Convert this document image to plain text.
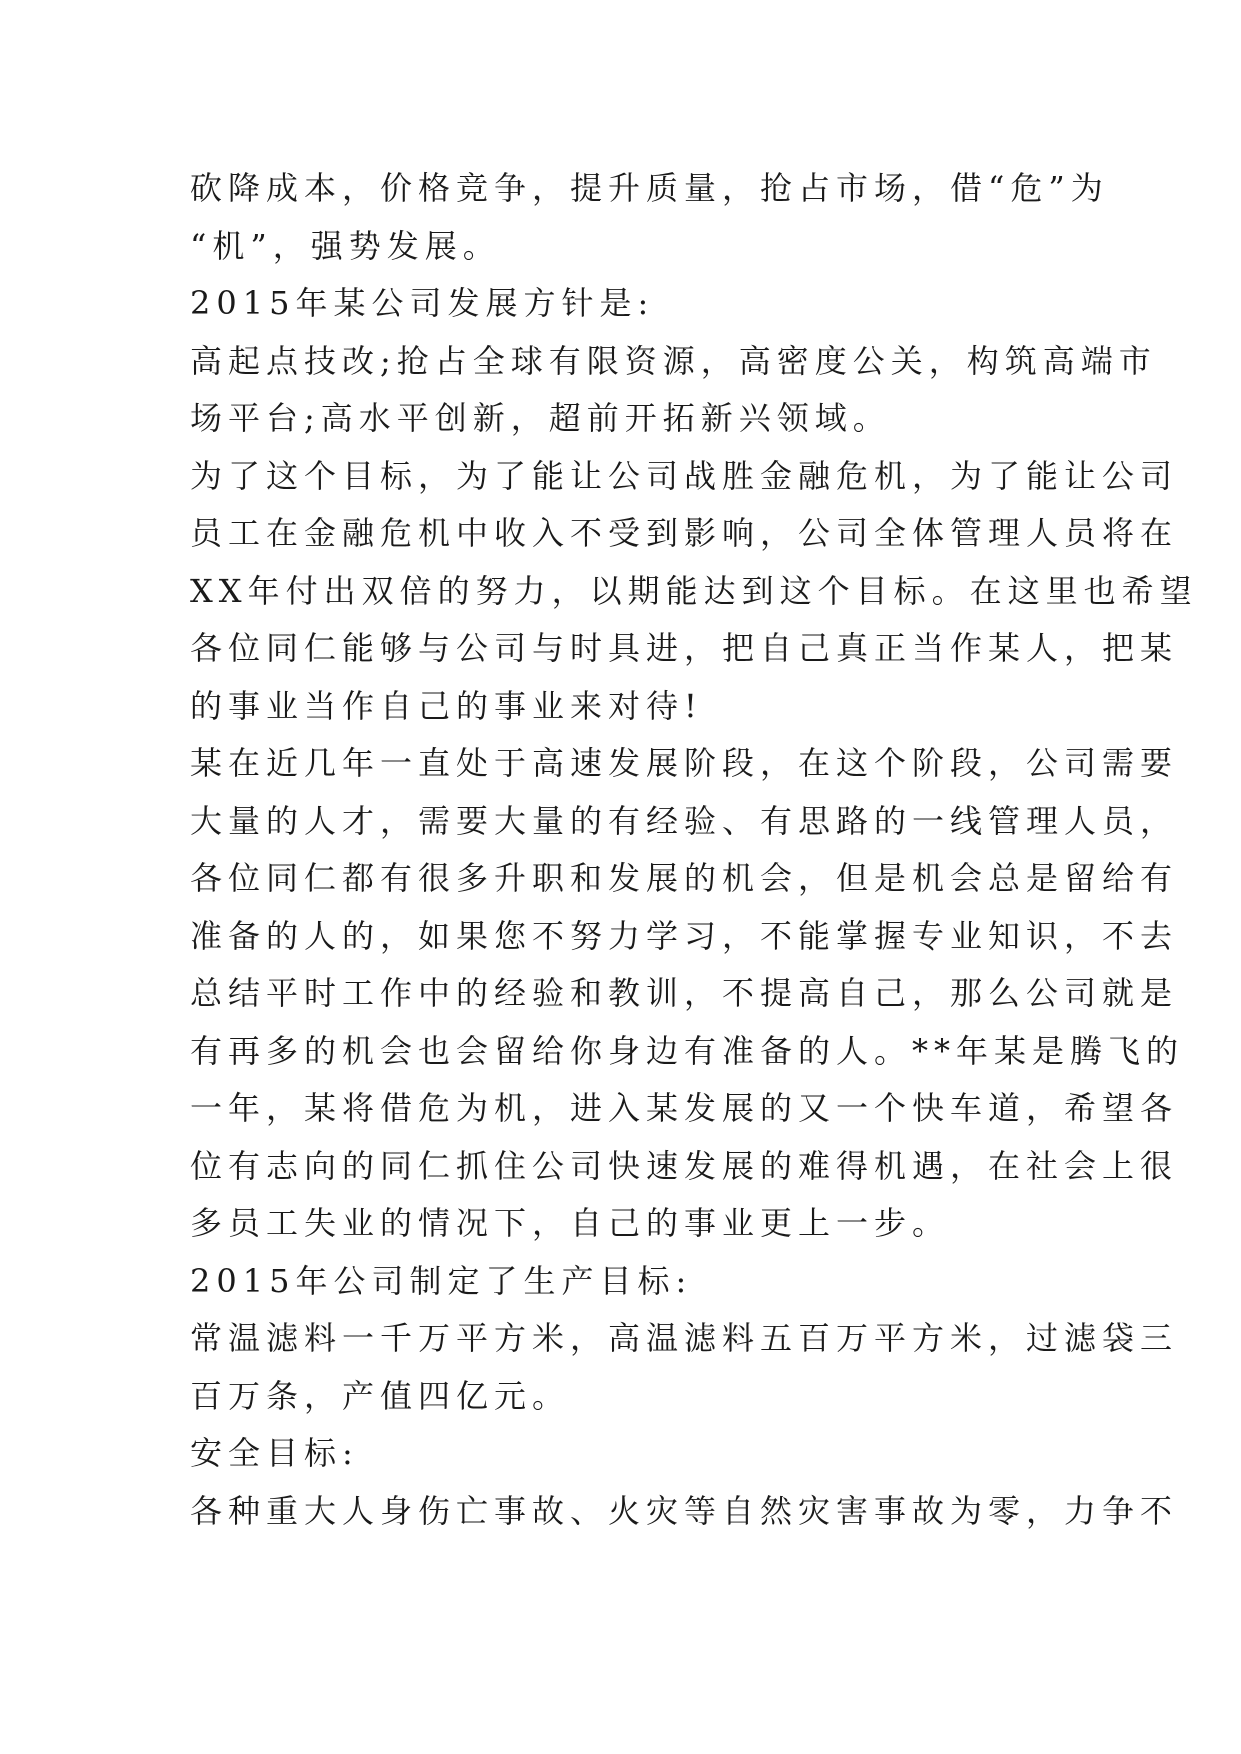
砍降成本，价格竞争，提升质量，抢占市场，借“危”为
“机”，强势发展。
2015年某公司发展方针是:
高起点技改;抢占全球有限资源，高密度公关，构筑高端市
场平台;高水平创新，超前开拓新兴领域。
为了这个目标，为了能让公司战胜金融危机，为了能让公司
员工在金融危机中收入不受到影响，公司全体管理人员将在
XX年付出双倍的努力，以期能达到这个目标。在这里也希望
各位同仁能够与公司与时具进，把自己真正当作某人，把某
的事业当作自己的事业来对待!
某在近几年一直处于高速发展阶段，在这个阶段，公司需要
大量的人才，需要大量的有经验、有思路的一线管理人员，
各位同仁都有很多升职和发展的机会，但是机会总是留给有
准备的人的，如果您不努力学习，不能掌握专业知识，不去
总结平时工作中的经验和教训，不提高自己，那么公司就是
有再多的机会也会留给你身边有准备的人。**年某是腾飞的
一年，某将借危为机，进入某发展的又一个快车道，希望各
位有志向的同仁抓住公司快速发展的难得机遇，在社会上很
多员工失业的情况下，自己的事业更上一步。
2015年公司制定了生产目标:
常温滤料一千万平方米，高温滤料五百万平方米，过滤袋三
百万条，产值四亿元。
安全目标:
各种重大人身伤亡事故、火灾等自然灾害事故为零，力争不
